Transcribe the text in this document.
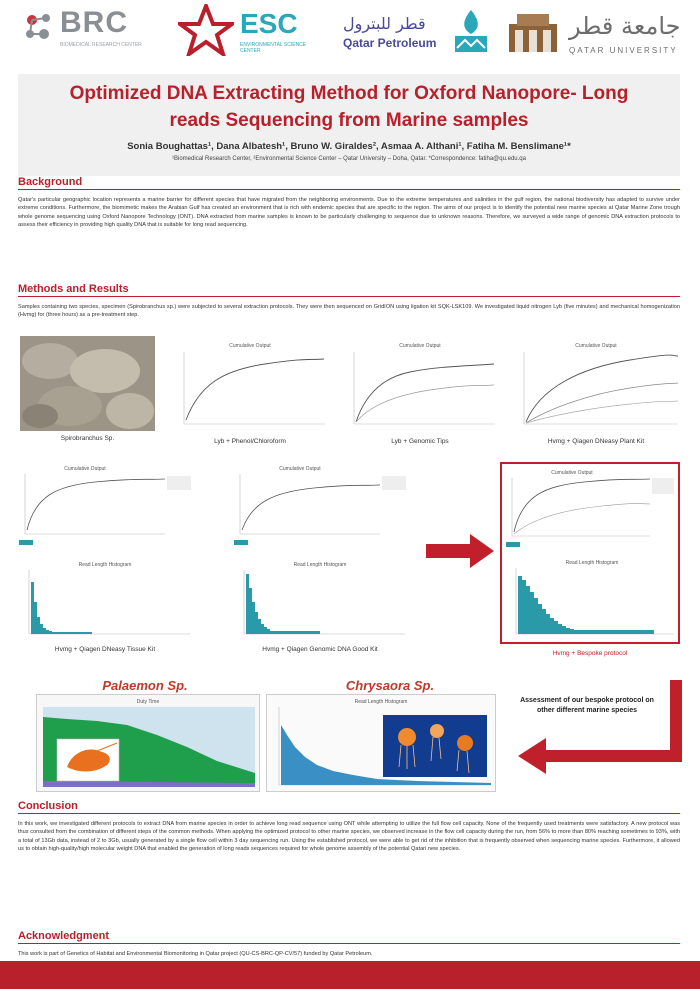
BRC
BIOMEDICAL RESEARCH CENTER
ESC
ENVIRONMENTAL SCIENCE CENTER
قطر للبترول
Qatar Petroleum
جامعة قطر
QATAR UNIVERSITY
Optimized DNA Extracting Method for Oxford Nanopore- Long
reads Sequencing from Marine samples
Sonia Boughattas¹, Dana Albatesh¹, Bruno W. Giraldes², Asmaa A. Althani¹, Fatiha M. Benslimane¹*
¹Biomedical Research Center, ²Environmental Science Center – Qatar University – Doha, Qatar. *Correspondence: fatiha@qu.edu.qa
Background

Qatar's particular geographic location represents a marine barrier for different species that have migrated from the neighboring environments. Due to the extreme temperatures and salinities in the gulf region, the national biodiversity has adapted to survive under extreme conditions. Furthermore, the biomimetic makes the Arabian Gulf has created an environment that is rich with endemic species that are specific to the region. The aims of our project is to identify the potential new marine species at Qatar Marine Zone trough whole genome sequencing using Oxford Nanopore Technology (ONT). DNA extracted from marine samples is known to be particularly challenging to sequence due to unknown reasons. Therefore, we surveyed a wide range of genomic DNA extraction protocols to assess their efficiency in providing high quality DNA that is suitable for long read sequencing.

Methods and Results

Samples containing two species, specimen (Spirobranchus sp.) were subjected to several extraction protocols. They were then sequenced on GridION using ligation kit SQK-LSK109. We investigated liquid nitrogen Lyb (five minutes) and mechanical homogenization (Hvmg) for (three hours) as a pre-treatment step.

Spirobranchus Sp.
Cumulative Output
Lyb + Phenol/Chloroform
Cumulative Output
Lyb + Genomic Tips
Cumulative Output
Hvmg + Qiagen DNeasy Plant Kit
Cumulative Output
Read Length Histogram
Hvmg + Qiagen DNeasy Tissue Kit
Cumulative Output
Read Length Histogram
Hvmg + Qiagen Genomic DNA Good Kit
Cumulative Output
Read Length Histogram
Hvmg + Bespoke protocol
Palaemon Sp.
Duty Time
Chrysaora Sp.
Read Length Histogram	Assessment of our bespoke protocol on other different marine species
Conclusion

In this work, we investigated different protocols to extract DNA from marine species in order to achieve long read sequence using ONT while attempting to utilize the full flow cell capacity. None of the frequently used treatments were satisfactory. A new protocol was thus consulted from the combination of different steps of the common methods. When applying the optimized protocol to other marine species, we observed increase in the flow cell capacity during the run, from 56% to more than 80% reaching sometimes to 93%, with a total of 13Gb data, instead of 2 to 3Gb, usually generated by a single flow cell within 3 day sequencing run. Using the established protocol, we were able to get rid of the inhibition that is frequently observed when sequencing marine species. Furthermore, it allowed us to obtain high-quality/high molecular weight DNA that enabled the generation of long reads sequences required for whole genome assembly of the potential Qatari new species.

Acknowledgment

This work is part of Genetics of Habitat and Environmental Biomonitoring in Qatar project (QU-CS-BRC-QP-CV/57) funded by Qatar Petroleum.
